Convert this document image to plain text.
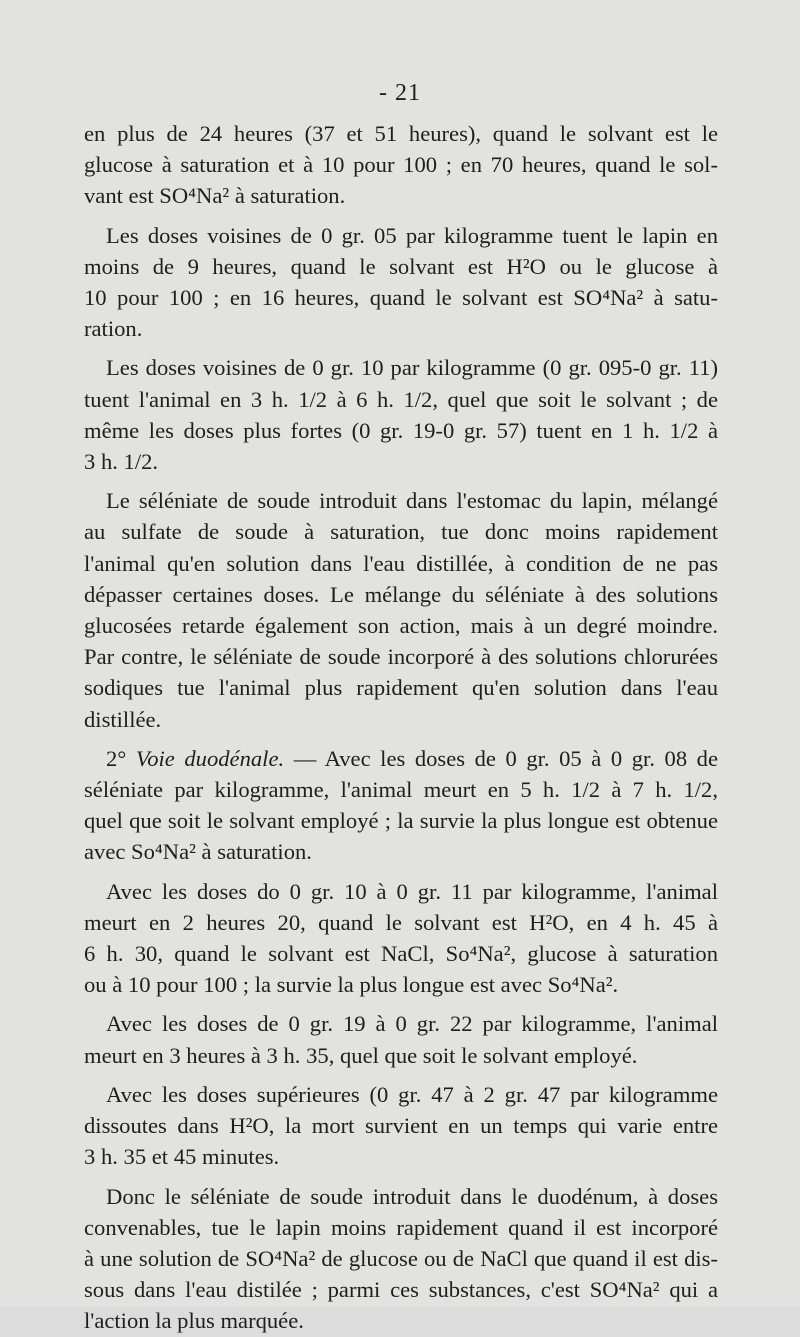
- 21
en plus de 24 heures (37 et 51 heures), quand le solvant est le
glucose à saturation et à 10 pour 100 ; en 70 heures, quand le sol-
vant est SO⁴Na² à saturation.
Les doses voisines de 0 gr. 05 par kilogramme tuent le lapin en
moins de 9 heures, quand le solvant est H²O ou le glucose à
10 pour 100 ; en 16 heures, quand le solvant est SO⁴Na² à satu-
ration.
Les doses voisines de 0 gr. 10 par kilogramme (0 gr. 095-0 gr. 11)
tuent l'animal en 3 h. 1/2 à 6 h. 1/2, quel que soit le solvant ; de
même les doses plus fortes (0 gr. 19-0 gr. 57) tuent en 1 h. 1/2 à
3 h. 1/2.
Le séléniate de soude introduit dans l'estomac du lapin, mélangé
au sulfate de soude à saturation, tue donc moins rapidement
l'animal qu'en solution dans l'eau distillée, à condition de ne pas
dépasser certaines doses. Le mélange du séléniate à des solutions
glucosées retarde également son action, mais à un degré moindre.
Par contre, le séléniate de soude incorporé à des solutions chlorurées
sodiques tue l'animal plus rapidement qu'en solution dans l'eau
distillée.
2° Voie duodénale. — Avec les doses de 0 gr. 05 à 0 gr. 08 de
séléniate par kilogramme, l'animal meurt en 5 h. 1/2 à 7 h. 1/2,
quel que soit le solvant employé ; la survie la plus longue est obtenue
avec So⁴Na² à saturation.
Avec les doses do 0 gr. 10 à 0 gr. 11 par kilogramme, l'animal
meurt en 2 heures 20, quand le solvant est H²O, en 4 h. 45 à
6 h. 30, quand le solvant est NaCl, So⁴Na², glucose à saturation
ou à 10 pour 100 ; la survie la plus longue est avec So⁴Na².
Avec les doses de 0 gr. 19 à 0 gr. 22 par kilogramme, l'animal
meurt en 3 heures à 3 h. 35, quel que soit le solvant employé.
Avec les doses supérieures (0 gr. 47 à 2 gr. 47 par kilogramme
dissoutes dans H²O, la mort survient en un temps qui varie entre
3 h. 35 et 45 minutes.
Donc le séléniate de soude introduit dans le duodénum, à doses
convenables, tue le lapin moins rapidement quand il est incorporé
à une solution de SO⁴Na² de glucose ou de NaCl que quand il est dis-
sous dans l'eau distilée ; parmi ces substances, c'est SO⁴Na² qui a
l'action la plus marquée.
